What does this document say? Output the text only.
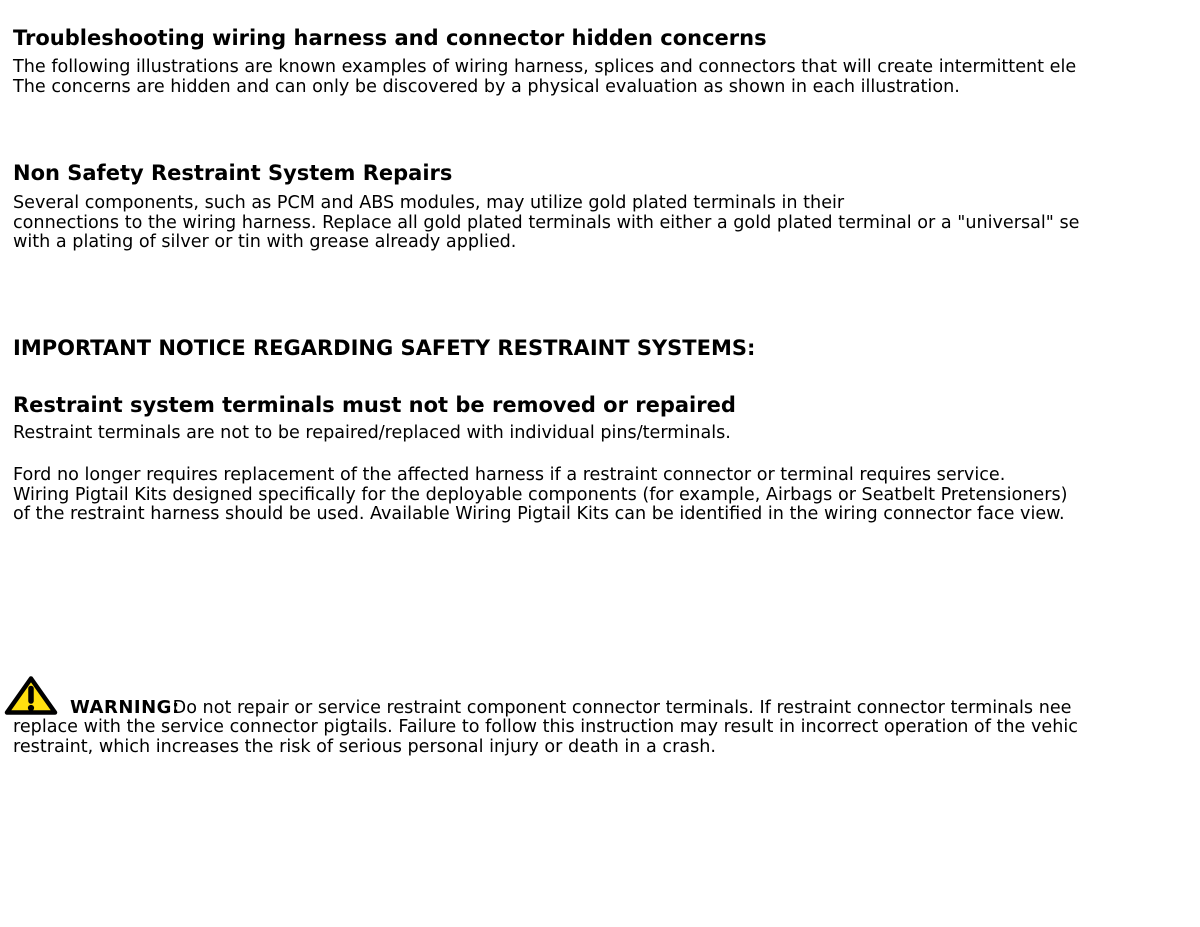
Troubleshooting wiring harness and connector hidden concerns
The following illustrations are known examples of wiring harness, splices and connectors that will create intermittent ele
The concerns are hidden and can only be discovered by a physical evaluation as shown in each illustration.
Non Safety Restraint System Repairs
Several components, such as PCM and ABS modules, may utilize gold plated terminals in their
connections to the wiring harness. Replace all gold plated terminals with either a gold plated terminal or a "universal" se
with a plating of silver or tin with grease already applied.
IMPORTANT NOTICE REGARDING SAFETY RESTRAINT SYSTEMS:
Restraint system terminals must not be removed or repaired
Restraint terminals are not to be repaired/replaced with individual pins/terminals.
Ford no longer requires replacement of the affected harness if a restraint connector or terminal requires service.
Wiring Pigtail Kits designed specifically for the deployable components (for example, Airbags or Seatbelt Pretensioners)
of the restraint harness should be used. Available Wiring Pigtail Kits can be identified in the wiring connector face view.
WARNING:Do not repair or service restraint component connector terminals. If restraint connector terminals nee
replace with the service connector pigtails. Failure to follow this instruction may result in incorrect operation of the vehic
restraint, which increases the risk of serious personal injury or death in a crash.
